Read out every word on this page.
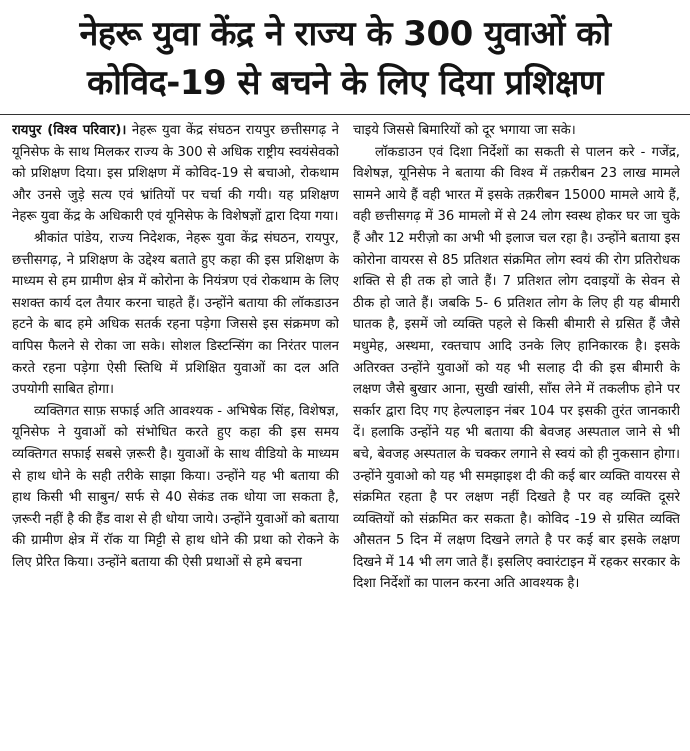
नेहरू युवा केंद्र ने राज्य के 300 युवाओं को
कोविद-19 से बचने के लिए दिया प्रशिक्षण

रायपुर (विश्व परिवार)। नेहरू युवा केंद्र संघठन रायपुर छत्तीसगढ़ ने यूनिसेफ के साथ मिलकर राज्य के 300 से अधिक राष्ट्रीय स्वयंसेवको को प्रशिक्षण दिया। इस प्रशिक्षण में कोविद-19 से बचाओ, रोकथाम और उनसे जुड़े सत्य एवं भ्रांतियों पर चर्चा की गयी। यह प्रशिक्षण नेहरू युवा केंद्र के अधिकारी एवं यूनिसेफ के विशेषज्ञों द्वारा दिया गया।

श्रीकांत पांडेय, राज्य निदेशक, नेहरू युवा केंद्र संघठन, रायपुर, छत्तीसगढ़, ने प्रशिक्षण के उद्देश्य बताते हुए कहा की इस प्रशिक्षण के माध्यम से हम ग्रामीण क्षेत्र में कोरोना के नियंत्रण एवं रोकथाम के लिए सशक्त कार्य दल तैयार करना चाहते हैं। उन्होंने बताया की लॉकडाउन हटने के बाद हमे अधिक सतर्क रहना पड़ेगा जिससे इस संक्रमण को वापिस फैलने से रोका जा सके। सोशल डिस्टन्सिंग का निरंतर पालन करते रहना पड़ेगा ऐसी स्तिथि में प्रशिक्षित युवाओं का दल अति उपयोगी साबित होगा।

व्यक्तिगत साफ़ सफाई अति आवश्यक - अभिषेक सिंह, विशेषज्ञ, यूनिसेफ ने युवाओं को संभोधित करते हुए कहा की इस समय व्यक्तिगत सफाई सबसे ज़रूरी है। युवाओं के साथ वीडियो के माध्यम से हाथ धोने के सही तरीके साझा किया। उन्होंने यह भी बताया की हाथ किसी भी साबुन/ सर्फ से 40 सेकंड तक धोया जा सकता है, ज़रूरी नहीं है की हैंड वाश से ही धोया जाये। उन्होंने युवाओं को बताया की ग्रामीण क्षेत्र में रॉक या मिट्टी से हाथ धोने की प्रथा को रोकने के लिए प्रेरित किया। उन्होंने बताया की ऐसी प्रथाओं से हमे बचना

चाइये जिससे बिमारियों को दूर भगाया जा सके।

लॉकडाउन एवं दिशा निर्देशों का सकती से पालन करे - गजेंद्र, विशेषज्ञ, यूनिसेफ ने बताया की विश्व में तक़रीबन 23 लाख मामले सामने आये हैं वही भारत में इसके तक़रीबन 15000 मामले आये हैं, वही छत्तीसगढ़ में 36 मामलो में से 24 लोग स्वस्थ होकर घर जा चुके हैं और 12 मरीज़ो का अभी भी इलाज चल रहा है। उन्होंने बताया इस कोरोना वायरस से 85 प्रतिशत संक्रमित लोग स्वयं की रोग प्रतिरोधक शक्ति से ही तक हो जाते हैं। 7 प्रतिशत लोग दवाइयों के सेवन से ठीक हो जाते हैं। जबकि 5- 6 प्रतिशत लोग के लिए ही यह बीमारी घातक है, इसमें जो व्यक्ति पहले से किसी बीमारी से ग्रसित हैं जैसे मधुमेह, अस्थमा, रक्तचाप आदि उनके लिए हानिकारक है। इसके अतिरक्त उन्होंने युवाओं को यह भी सलाह दी की इस बीमारी के लक्षण जैसे बुखार आना, सुखी खांसी, साँस लेने में तकलीफ होने पर सर्कार द्वारा दिए गए हेल्पलाइन नंबर 104 पर इसकी तुरंत जानकारी दें। हलाकि उन्होंने यह भी बताया की बेवजह अस्पताल जाने से भी बचे, बेवजह अस्पताल के चक्कर लगाने से स्वयं को ही नुकसान होगा। उन्होंने युवाओ को यह भी समझाइश दी की कई बार व्यक्ति वायरस से संक्रमित रहता है पर लक्षण नहीं दिखते है पर वह व्यक्ति दूसरे व्यक्तियों को संक्रमित कर सकता है। कोविद -19 से ग्रसित व्यक्ति औसतन 5 दिन में लक्षण दिखने लगते है पर कई बार इसके लक्षण दिखने में 14 भी लग जाते हैं। इसलिए क्वारंटाइन में रहकर सरकार के दिशा निर्देशों का पालन करना अति आवश्यक है।
